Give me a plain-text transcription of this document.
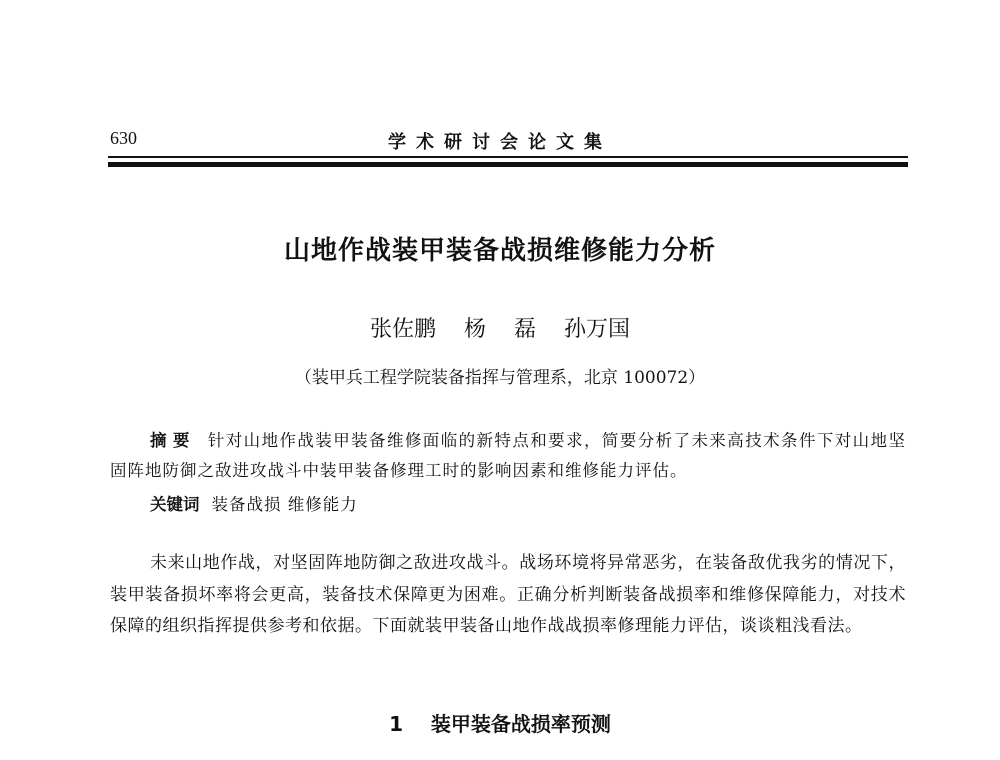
630	学术研讨会论文集
山地作战装甲装备战损维修能力分析
张佐鹏    杨    磊    孙万国
（装甲兵工程学院装备指挥与管理系，北京 100072）
摘要 针对山地作战装甲装备维修面临的新特点和要求，简要分析了未来高技术条件下对山地坚固阵地防御之敌进攻战斗中装甲装备修理工时的影响因素和维修能力评估。
关键词 装备战损 维修能力
未来山地作战，对坚固阵地防御之敌进攻战斗。战场环境将异常恶劣，在装备敌优我劣的情况下，装甲装备损坏率将会更高，装备技术保障更为困难。正确分析判断装备战损率和维修保障能力，对技术保障的组织指挥提供参考和依据。下面就装甲装备山地作战战损率修理能力评估，谈谈粗浅看法。
1    装甲装备战损率预测
